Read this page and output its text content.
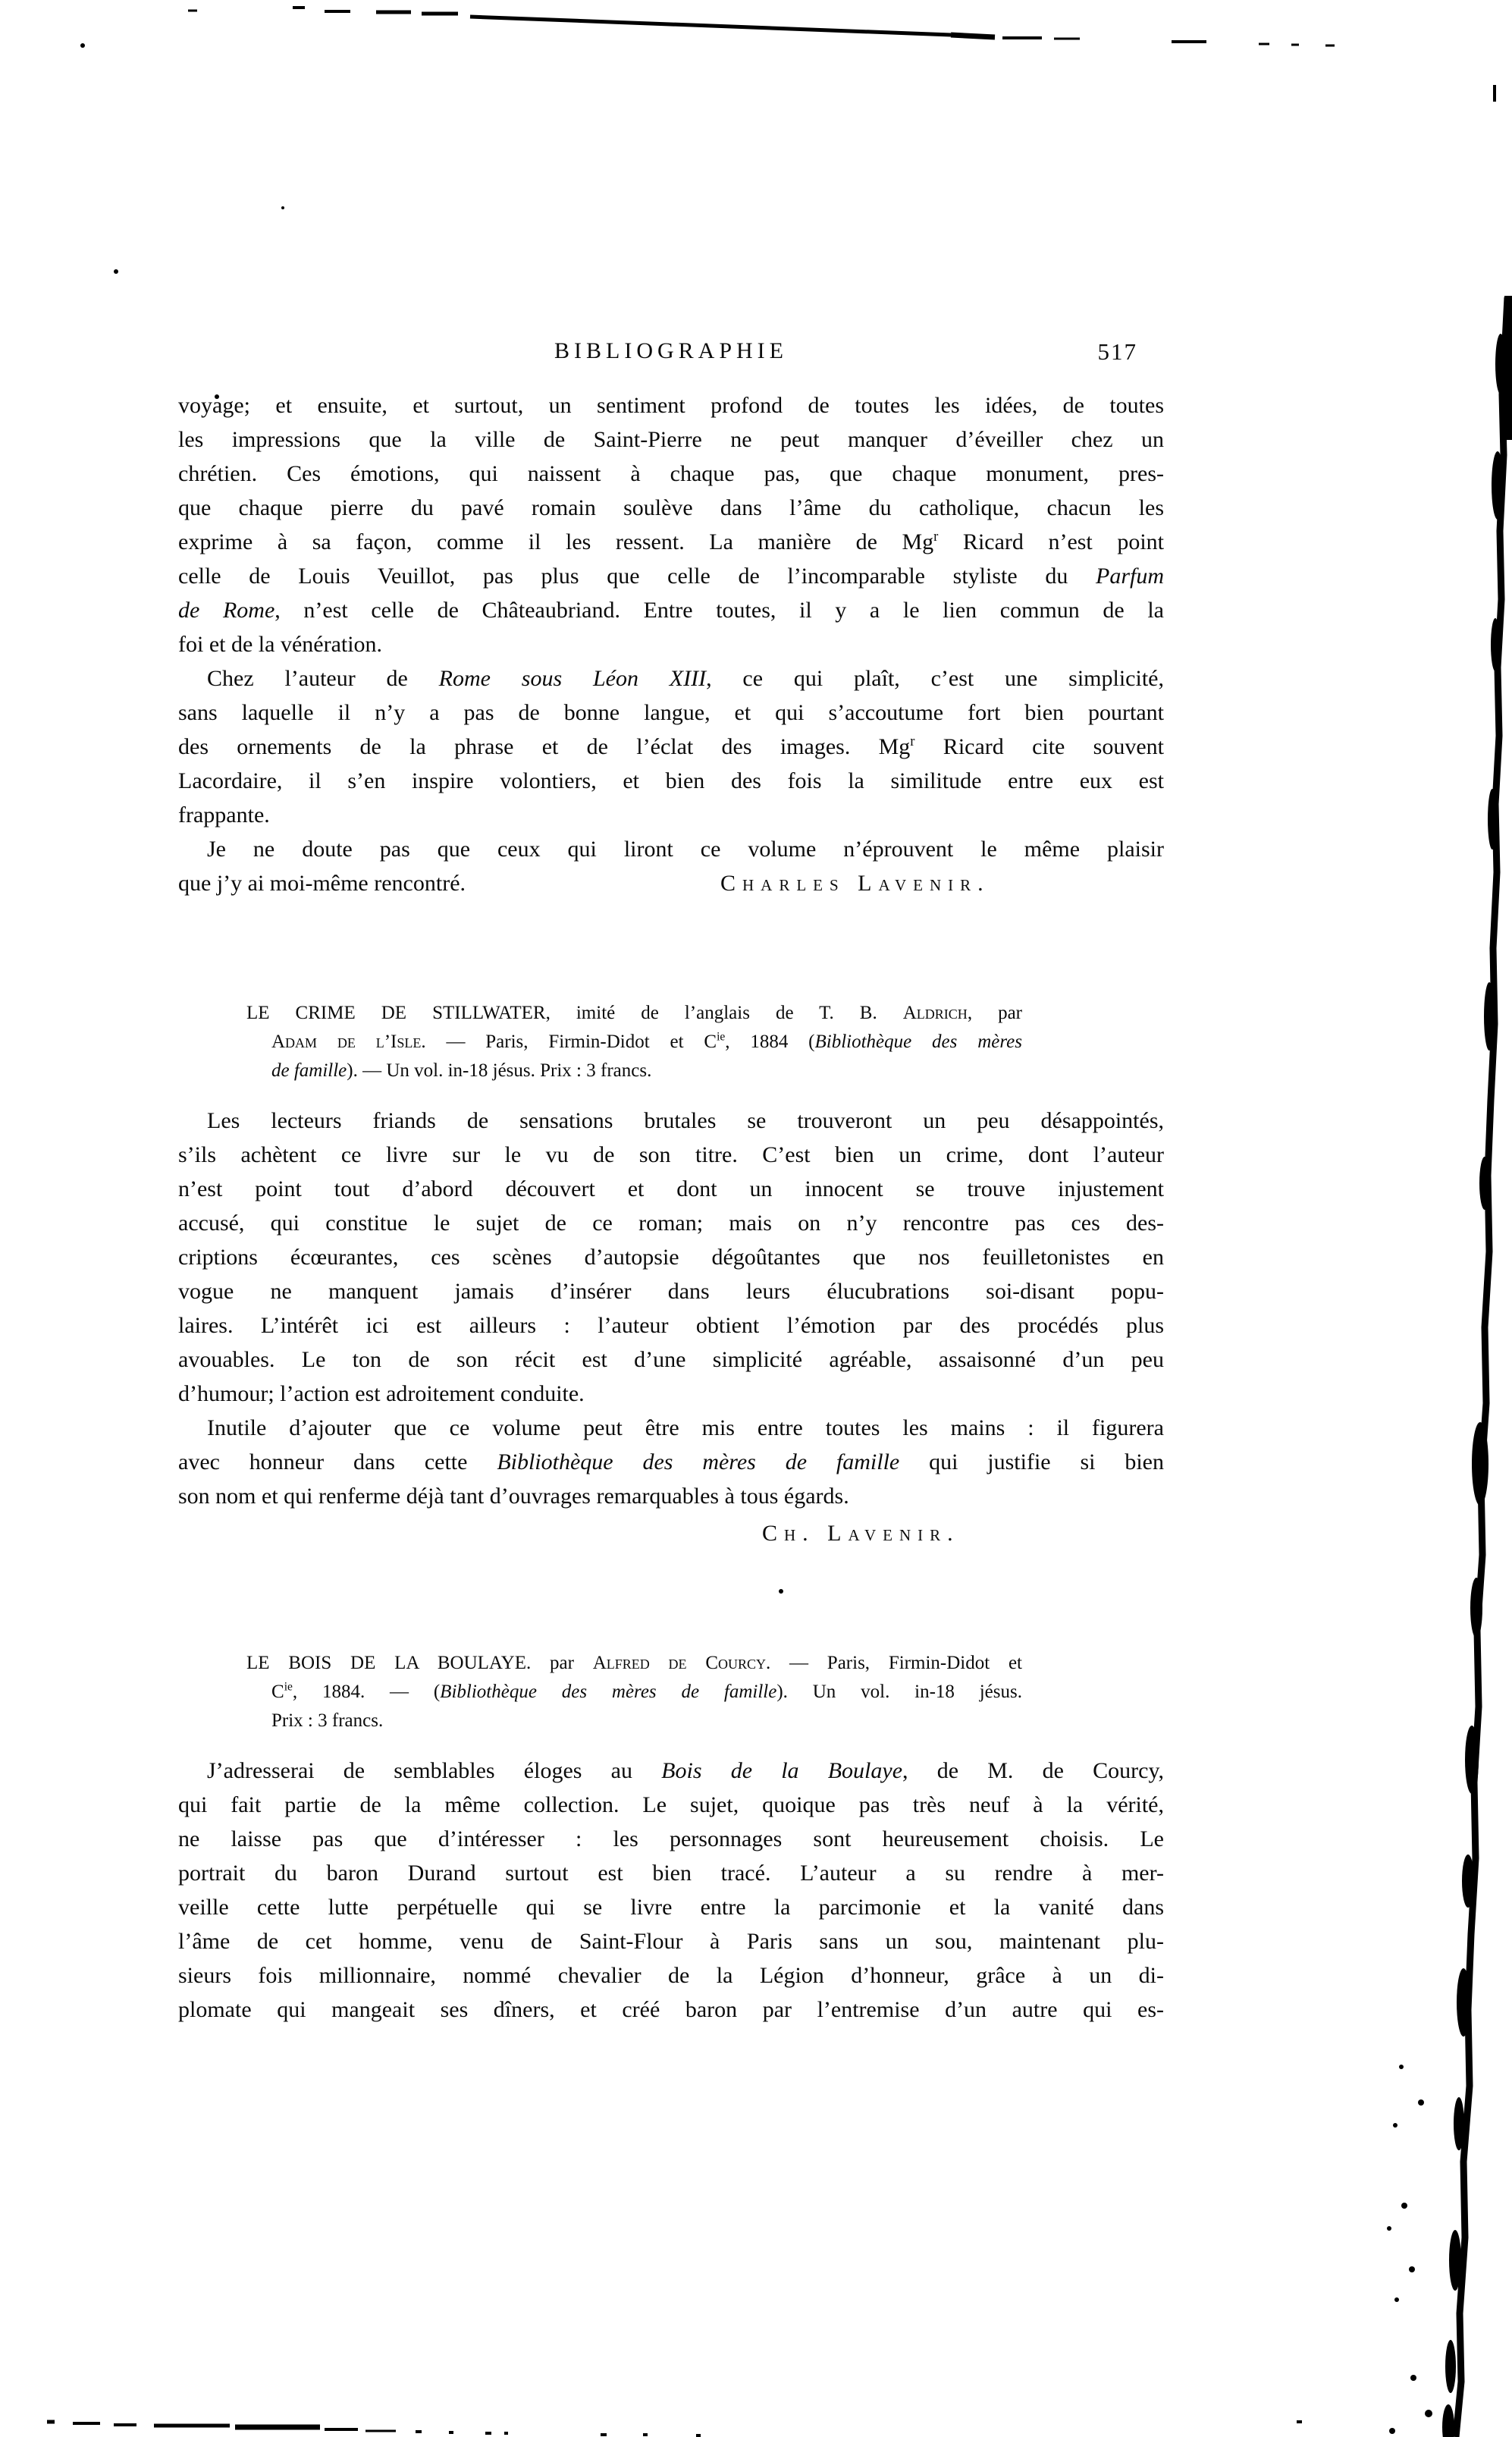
BIBLIOGRAPHIE	517
voyage; et ensuite, et surtout, un sentiment profond de toutes les idées, de toutes
les impressions que la ville de Saint-Pierre ne peut manquer d’éveiller chez un
chrétien. Ces émotions, qui naissent à chaque pas, que chaque monument, pres-
que chaque pierre du pavé romain soulève dans l’âme du catholique, chacun les
exprime à sa façon, comme il les ressent. La manière de Mg$^r$ Ricard n’est point
celle de Louis Veuillot, pas plus que celle de l’incomparable styliste du Parfum
de Rome, n’est celle de Châteaubriand. Entre toutes, il y a le lien commun de la
foi et de la vénération.
Chez l’auteur de Rome sous Léon XIII, ce qui plaît, c’est une simplicité,
sans laquelle il n’y a pas de bonne langue, et qui s’accoutume fort bien pourtant
des ornements de la phrase et de l’éclat des images. Mg$^r$ Ricard cite souvent
Lacordaire, il s’en inspire volontiers, et bien des fois la similitude entre eux est
frappante.
Je ne doute pas que ceux qui liront ce volume n’éprouvent le même plaisir
que j’y ai moi-même rencontré.	Charles Lavenir.
LE CRIME DE STILLWATER, imité de l’anglais de T. B. Aldrich, par
Adam de l’Isle. — Paris, Firmin-Didot et $C^{ie}$, 1884 (Bibliothèque des mères
de famille). — Un vol. in-18 jésus. Prix : 3 francs.
Les lecteurs friands de sensations brutales se trouveront un peu désappointés,
s’ils achètent ce livre sur le vu de son titre. C’est bien un crime, dont l’auteur
n’est point tout d’abord découvert et dont un innocent se trouve injustement
accusé, qui constitue le sujet de ce roman; mais on n’y rencontre pas ces des-
criptions écœurantes, ces scènes d’autopsie dégoûtantes que nos feuilletonistes en
vogue ne manquent jamais d’insérer dans leurs élucubrations soi-disant popu-
laires. L’intérêt ici est ailleurs : l’auteur obtient l’émotion par des procédés plus
avouables. Le ton de son récit est d’une simplicité agréable, assaisonné d’un peu
d’humour; l’action est adroitement conduite.
Inutile d’ajouter que ce volume peut être mis entre toutes les mains : il figurera
avec honneur dans cette Bibliothèque des mères de famille qui justifie si bien
son nom et qui renferme déjà tant d’ouvrages remarquables à tous égards.
Ch. Lavenir.
LE BOIS DE LA BOULAYE. par Alfred de Courcy. — Paris, Firmin-Didot et
$C^{ie}$, 1884. — (Bibliothèque des mères de famille). Un vol. in-18 jésus.
Prix : 3 francs.
J’adresserai de semblables éloges au Bois de la Boulaye, de M. de Courcy,
qui fait partie de la même collection. Le sujet, quoique pas très neuf à la vérité,
ne laisse pas que d’intéresser : les personnages sont heureusement choisis. Le
portrait du baron Durand surtout est bien tracé. L’auteur a su rendre à mer-
veille cette lutte perpétuelle qui se livre entre la parcimonie et la vanité dans
l’âme de cet homme, venu de Saint-Flour à Paris sans un sou, maintenant plu-
sieurs fois millionnaire, nommé chevalier de la Légion d’honneur, grâce à un di-
plomate qui mangeait ses dîners, et créé baron par l’entremise d’un autre qui es-
